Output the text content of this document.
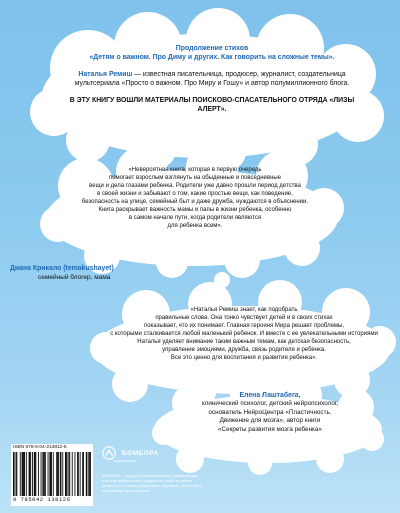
Продолжение стихов
«Детям о важном. Про Диму и других. Как говорить на сложные темы».

Наталья Ремиш — известная писательница, продюсер, журналист, создательница мультсериала «Просто о важном. Про Миру и Гошу» и автор полумиллионного блога.

В ЭТУ КНИГУ ВОШЛИ МАТЕРИАЛЫ ПОИСКОВО-СПАСАТЕЛЬНОГО ОТРЯДА «ЛИЗЫ АЛЕРТ».

«Невероятная книга, которая в первую очередь
помогает взрослым взглянуть на обыденные и повседневные
вещи и дела глазами ребенка. Родители уже давно прошли период детства
в своей жизни и забывают о том, какие простые вещи, как поведение,
безопасность на улице, семейный быт и даже дружба, нуждаются в объяснении.
Книга раскрывает важность мамы и папы в жизни ребенка, особенно
в самом начале пути, когда родители являются
для ребенка всем».

Диана Крикало (temakushayet)
семейный блогер, мама

«Наталья Ремиш знает, как подобрать
правильные слова. Она тонко чувствует детей и в своих стихах
показывает, что их понимает. Главная героиня Мира решает проблемы,
с которыми сталкивается любой маленький ребенок. И вместе с ее увлекательными историями
Наталья уделяет внимание таким важным темам, как детская безопасность,
управление эмоциями, дружба, связь родителя и ребенка.
Все это ценно для воспитания и развития ребенка».

Елена Лаштабега,
клинический психолог, детский нейропсихолог,
основатель НейроЦентра «Пластичность.
Движение для мозга», автор книги
«Секреты развития мозга ребенка»
ISBN 978-5-04-213812-6
9 785042 138126
БОМБОРА
издательство
БОМБОРА — лидер на рынке полезных и развивающих книг. Мы любим книги и создаем их, чтобы вы могли узнать что-то новое, попробовать, научиться, расти. Быть счастливым. Быть на волне.
